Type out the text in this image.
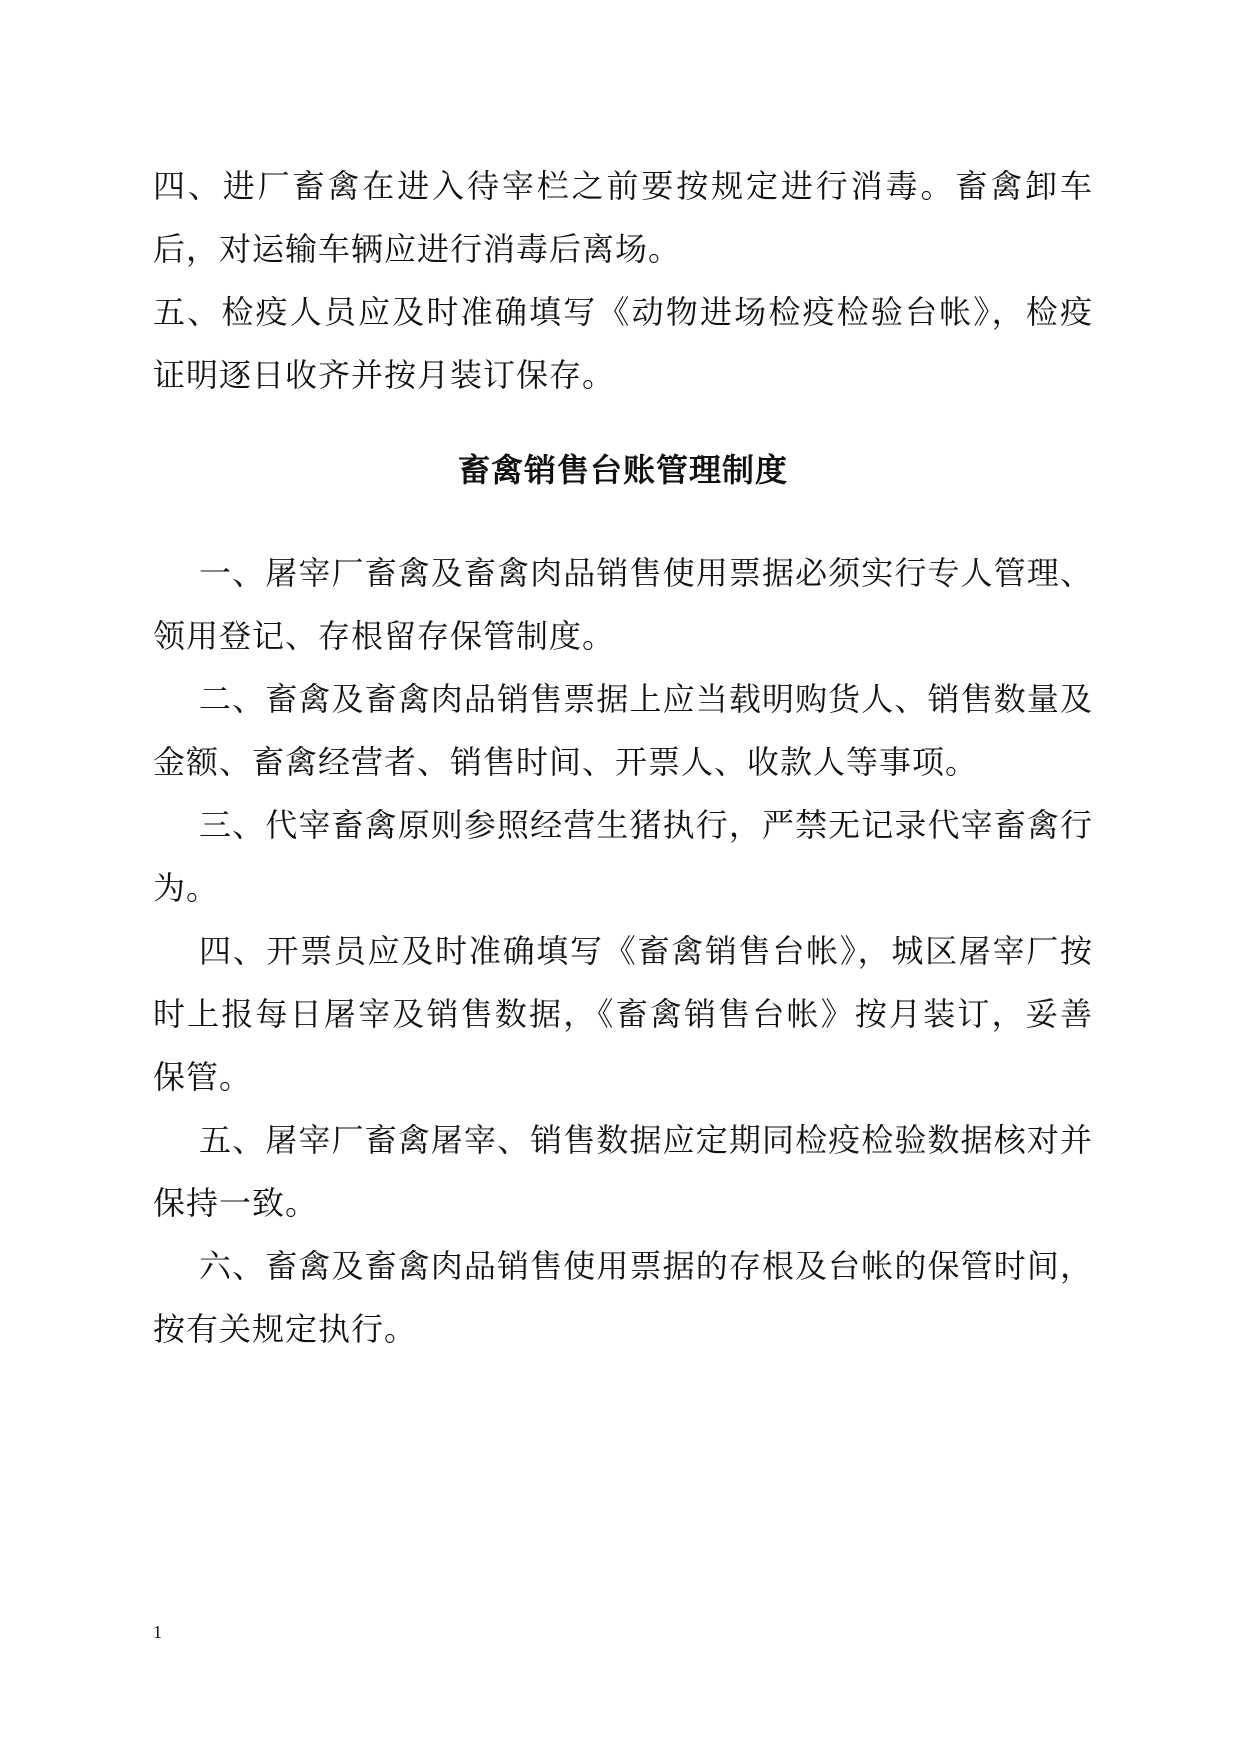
四、进厂畜禽在进入待宰栏之前要按规定进行消毒。畜禽卸车后，对运输车辆应进行消毒后离场。

五、检疫人员应及时准确填写《动物进场检疫检验台帐》，检疫证明逐日收齐并按月装订保存。

畜禽销售台账管理制度

一、屠宰厂畜禽及畜禽肉品销售使用票据必须实行专人管理、领用登记、存根留存保管制度。

二、畜禽及畜禽肉品销售票据上应当载明购货人、销售数量及金额、畜禽经营者、销售时间、开票人、收款人等事项。

三、代宰畜禽原则参照经营生猪执行，严禁无记录代宰畜禽行为。

四、开票员应及时准确填写《畜禽销售台帐》，城区屠宰厂按时上报每日屠宰及销售数据，《畜禽销售台帐》按月装订，妥善保管。

五、屠宰厂畜禽屠宰、销售数据应定期同检疫检验数据核对并保持一致。

六、畜禽及畜禽肉品销售使用票据的存根及台帐的保管时间，按有关规定执行。

1
